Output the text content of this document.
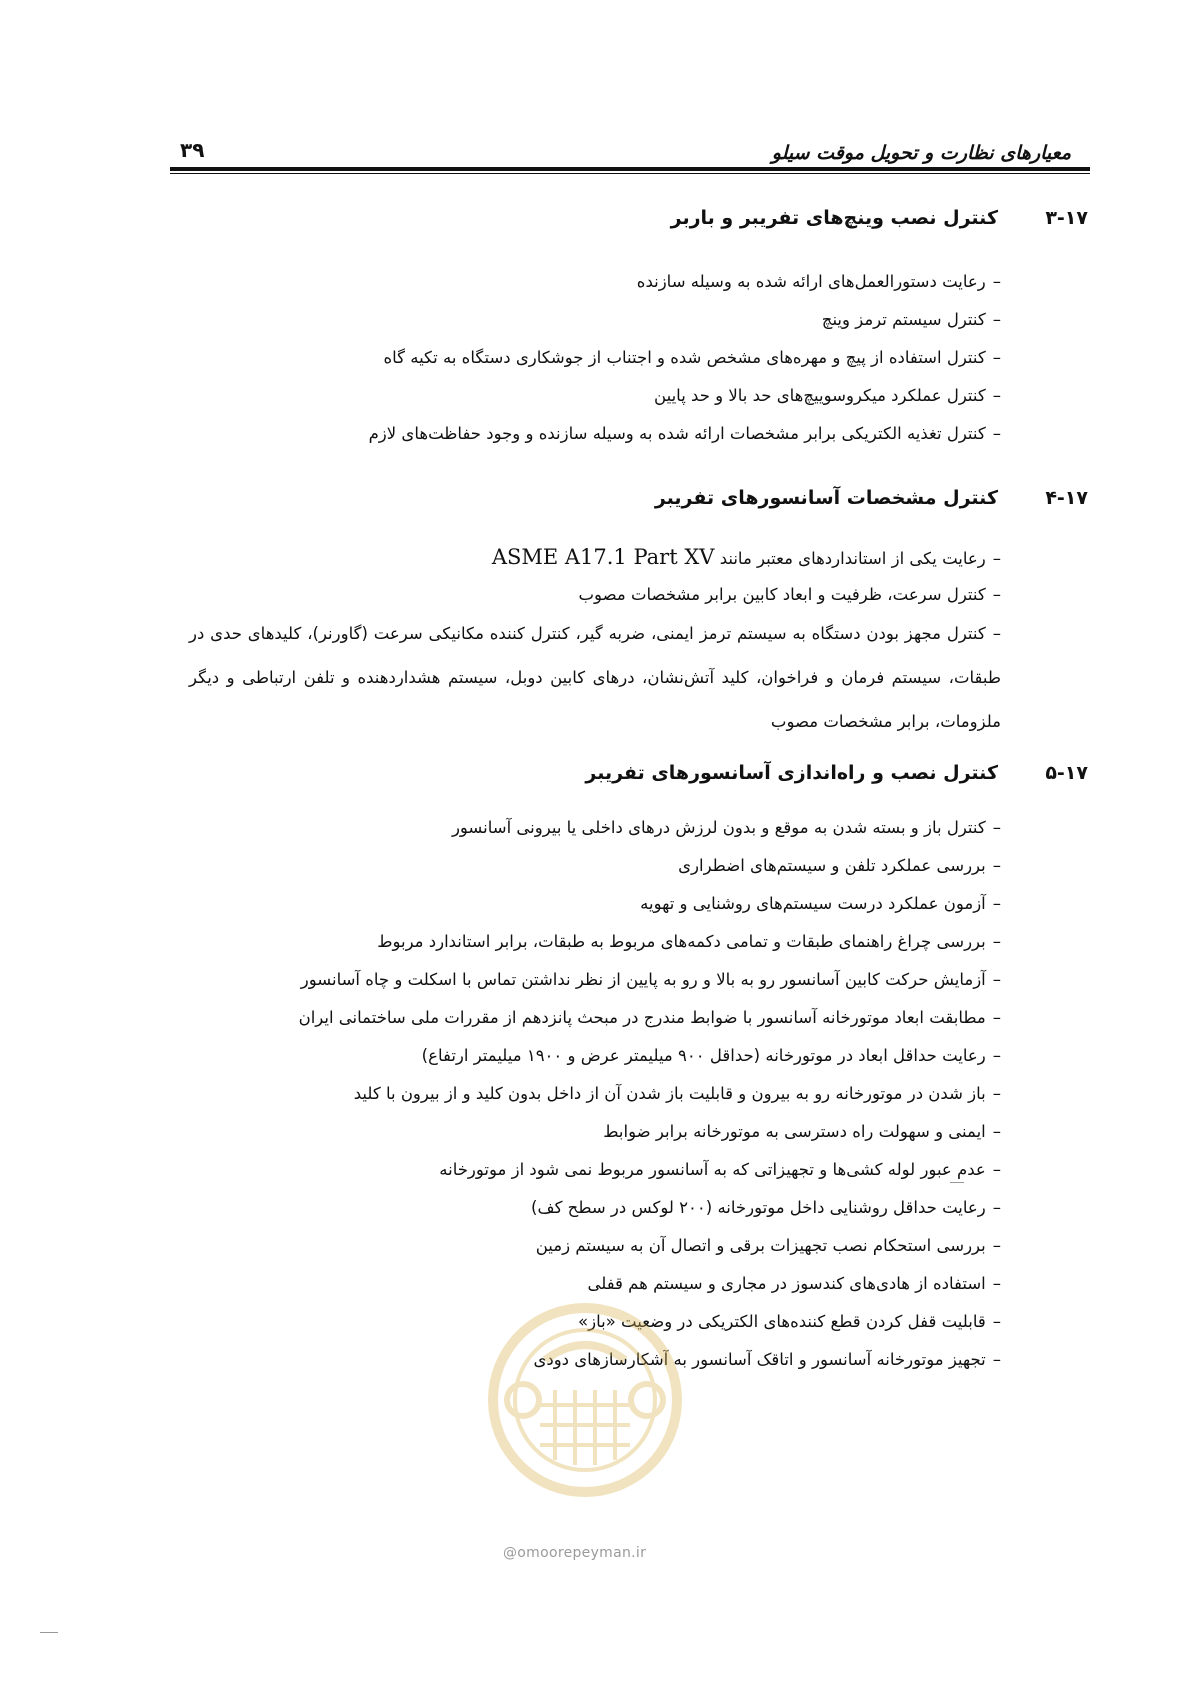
معیارهای نظارت و تحویل موقت سیلو
۳۹
۳-۱۷
کنترل نصب وینچ‌های تفریبر و باربر
–رعایت دستورالعمل‌های ارائه شده به وسیله سازنده
–کنترل سیستم ترمز وینچ
–کنترل استفاده از پیچ و مهره‌های مشخص شده و اجتناب از جوشکاری دستگاه به تکیه گاه
–کنترل عملکرد میکروسوییچ‌های حد بالا و حد پایین
–کنترل تغذیه الکتریکی برابر مشخصات ارائه شده به وسیله سازنده و وجود حفاظت‌های لازم
۴-۱۷
کنترل مشخصات آسانسورهای تفریبر
–رعایت یکی از استانداردهای معتبر مانند ASME A17.1 Part XV
–کنترل سرعت، ظرفیت و ابعاد کابین برابر مشخصات مصوب
–کنترل مجهز بودن دستگاه به سیستم ترمز ایمنی، ضربه گیر، کنترل کننده مکانیکی سرعت (گاورنر)، کلیدهای حدی در طبقات، سیستم فرمان و فراخوان، کلید آتش‌نشان، درهای کابین دوبل، سیستم هشداردهنده و تلفن ارتباطی و دیگر ملزومات، برابر مشخصات مصوب
۵-۱۷
کنترل نصب و راه‌اندازی آسانسورهای تفریبر
–کنترل باز و بسته شدن به موقع و بدون لرزش درهای داخلی یا بیرونی آسانسور
–بررسی عملکرد تلفن و سیستم‌های اضطراری
–آزمون عملکرد درست سیستم‌های روشنایی و تهویه
–بررسی چراغ راهنمای طبقات و تمامی دکمه‌های مربوط به طبقات، برابر استاندارد مربوط
–آزمایش حرکت کابین آسانسور رو به بالا و رو به پایین از نظر نداشتن تماس با اسکلت و چاه آسانسور
–مطابقت ابعاد موتورخانه آسانسور با ضوابط مندرج در مبحث پانزدهم از مقررات ملی ساختمانی ایران
–رعایت حداقل ابعاد در موتورخانه (حداقل ۹۰۰ میلیمتر عرض و ۱۹۰۰ میلیمتر ارتفاع)
–باز شدن در موتورخانه رو به بیرون و قابلیت باز شدن آن از داخل بدون کلید و از بیرون با کلید
–ایمنی و سهولت راه دسترسی به موتورخانه برابر ضوابط
–عدم عبور لوله کشی‌ها و تجهیزاتی که به آسانسور مربوط نمی شود از موتورخانه
–رعایت حداقل روشنایی داخل موتورخانه (۲۰۰ لوکس در سطح کف)
–بررسی استحکام نصب تجهیزات برقی و اتصال آن به سیستم زمین
–استفاده از هادی‌های کندسوز در مجاری و سیستم هم قفلی
–قابلیت قفل کردن قطع کننده‌های الکتریکی در وضعیت «باز»
–تجهیز موتورخانه آسانسور و اتاقک آسانسور به آشکارسازهای دودی
@omoorepeyman.ir
